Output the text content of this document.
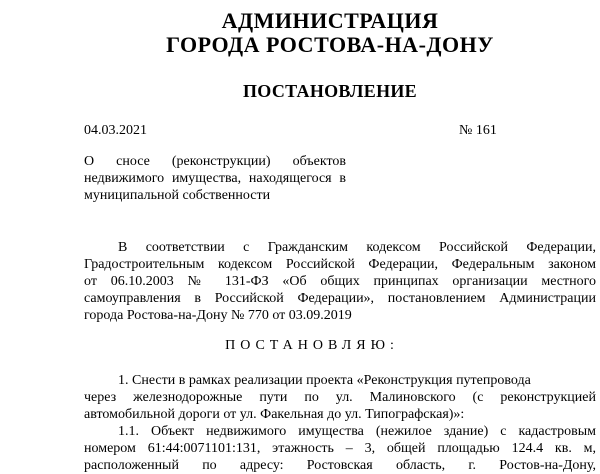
АДМИНИСТРАЦИЯ
ГОРОДА РОСТОВА-НА-ДОНУ
ПОСТАНОВЛЕНИЕ
04.03.2021	№ 161
О сносе (реконструкции) объектов
недвижимого имущества, находящегося в
муниципальной собственности
В соответствии с Гражданским кодексом Российской Федерации,
Градостроительным кодексом Российской Федерации, Федеральным законом
от 06.10.2003 № 131-ФЗ «Об общих принципах организации местного
самоуправления в Российской Федерации», постановлением Администрации
города Ростова-на-Дону № 770 от 03.09.2019
ПОСТАНОВЛЯЮ:
1. Снести в рамках реализации проекта «Реконструкция путепровода
через железнодорожные пути по ул. Малиновского (с реконструкцией
автомобильной дороги от ул. Факельная до ул. Типографская)»:
1.1. Объект недвижимого имущества (нежилое здание) с кадастровым
номером 61:44:0071101:131, этажность – 3, общей площадью 124.4 кв. м,
расположенный по адресу: Ростовская область, г. Ростов-на-Дону,
